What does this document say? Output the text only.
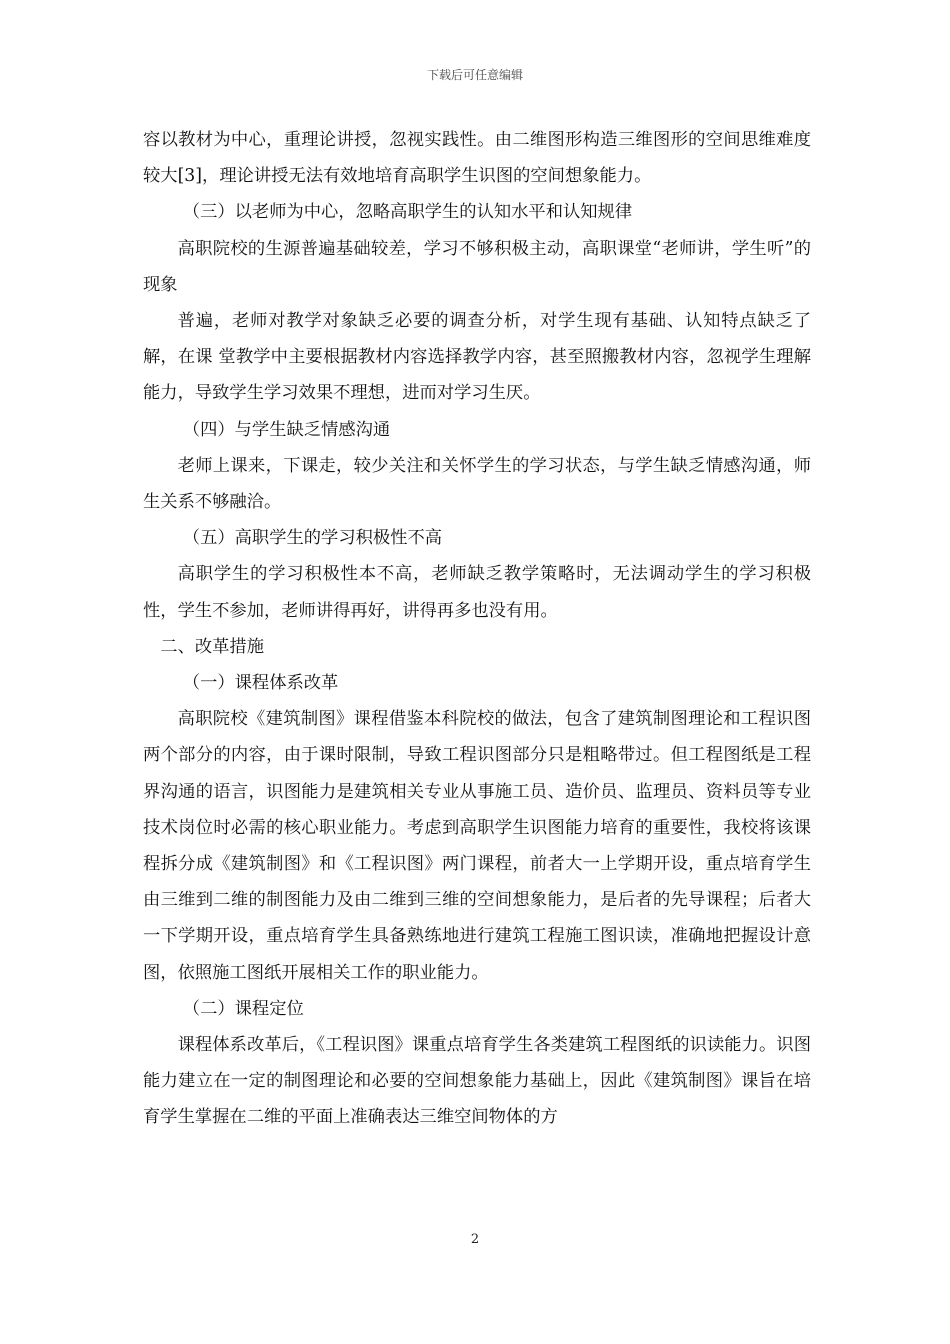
下载后可任意编辑

容以教材为中心，重理论讲授，忽视实践性。由二维图形构造三维图形的空间思维难度较大[3]，理论讲授无法有效地培育高职学生识图的空间想象能力。

（三）以老师为中心，忽略高职学生的认知水平和认知规律

高职院校的生源普遍基础较差，学习不够积极主动，高职课堂“老师讲，学生听”的现象

普遍，老师对教学对象缺乏必要的调查分析，对学生现有基础、认知特点缺乏了解，在课 堂教学中主要根据教材内容选择教学内容，甚至照搬教材内容，忽视学生理解能力，导致学生学习效果不理想，进而对学习生厌。

（四）与学生缺乏情感沟通

老师上课来，下课走，较少关注和关怀学生的学习状态，与学生缺乏情感沟通，师生关系不够融洽。

（五）高职学生的学习积极性不高

高职学生的学习积极性本不高，老师缺乏教学策略时，无法调动学生的学习积极性，学生不参加，老师讲得再好，讲得再多也没有用。

二、改革措施

（一）课程体系改革

高职院校《建筑制图》课程借鉴本科院校的做法，包含了建筑制图理论和工程识图两个部分的内容，由于课时限制，导致工程识图部分只是粗略带过。但工程图纸是工程界沟通的语言，识图能力是建筑相关专业从事施工员、造价员、监理员、资料员等专业技术岗位时必需的核心职业能力。考虑到高职学生识图能力培育的重要性，我校将该课程拆分成《建筑制图》和《工程识图》两门课程，前者大一上学期开设，重点培育学生由三维到二维的制图能力及由二维到三维的空间想象能力，是后者的先导课程；后者大一下学期开设，重点培育学生具备熟练地进行建筑工程施工图识读，准确地把握设计意图，依照施工图纸开展相关工作的职业能力。

（二）课程定位

课程体系改革后，《工程识图》课重点培育学生各类建筑工程图纸的识读能力。识图能力建立在一定的制图理论和必要的空间想象能力基础上，因此《建筑制图》课旨在培育学生掌握在二维的平面上准确表达三维空间物体的方

2
